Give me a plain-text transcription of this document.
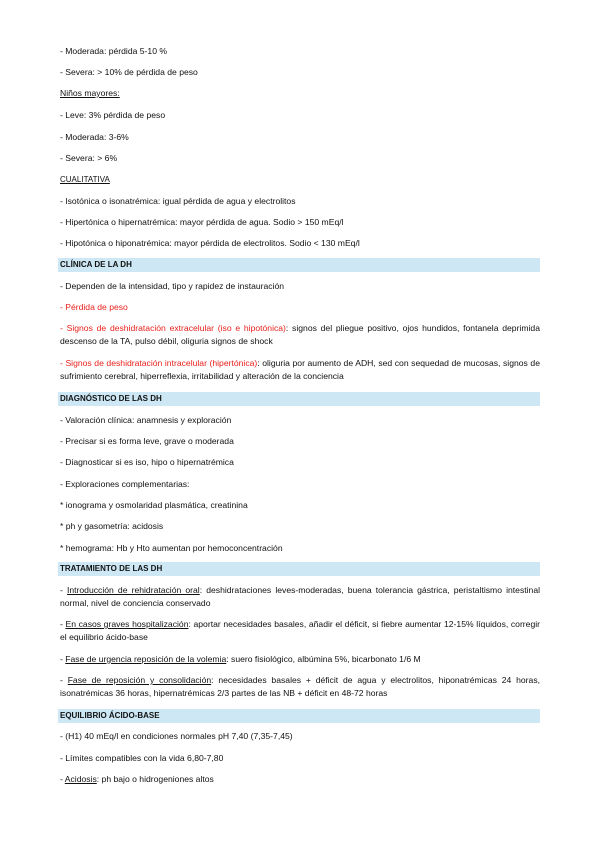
- Moderada: pérdida 5-10 %
- Severa: > 10% de pérdida de peso
Niños mayores:
- Leve: 3% pérdida de peso
- Moderada: 3-6%
- Severa: > 6%
CUALITATIVA
- Isotónica o isonatrémica: igual pérdida de agua y electrolitos
- Hipertónica o hipernatrémica: mayor pérdida de agua. Sodio > 150 mEq/l
- Hipotónica o hiponatrémica: mayor pérdida de electrolitos. Sodio < 130 mEq/l
CLÍNICA DE LA DH
- Dependen de la intensidad, tipo y rapidez de instauración
- Pérdida de peso
- Signos de deshidratación extracelular (iso e hipotónica): signos del pliegue positivo, ojos hundidos, fontanela deprimida descenso de la TA, pulso débil, oliguria signos de shock
- Signos de deshidratación intracelular (hipertónica): oliguria por aumento de ADH, sed con sequedad de mucosas, signos de sufrimiento cerebral, hiperreflexia, irritabilidad y alteración de la conciencia
DIAGNÓSTICO DE LAS DH
- Valoración clínica: anamnesis y exploración
- Precisar si es forma leve, grave o moderada
- Diagnosticar si es iso, hipo o hipernatrémica
- Exploraciones complementarias:
* ionograma y osmolaridad plasmática, creatinina
* ph y gasometría: acidosis
* hemograma: Hb y Hto aumentan por hemoconcentración
TRATAMIENTO DE LAS DH
- Introducción de rehidratación oral: deshidrataciones leves-moderadas, buena tolerancia gástrica, peristaltismo intestinal normal, nivel de conciencia conservado
- En casos graves hospitalización: aportar necesidades basales, añadir el déficit, si fiebre aumentar 12-15% líquidos, corregir el equilibrio ácido-base
- Fase de urgencia reposición de la volemia: suero fisiológico, albúmina 5%, bicarbonato 1/6 M
- Fase de reposición y consolidación: necesidades basales + déficit de agua y electrolitos, hiponatrémicas 24 horas, isonatrémicas 36 horas, hipernatrémicas 2/3 partes de las NB + déficit en 48-72 horas
EQUILIBRIO ÁCIDO-BASE
- (H1) 40 mEq/l en condiciones normales pH 7,40 (7,35-7,45)
- Límites compatibles con la vida 6,80-7,80
- Acidosis: ph bajo o hidrogeniones altos
